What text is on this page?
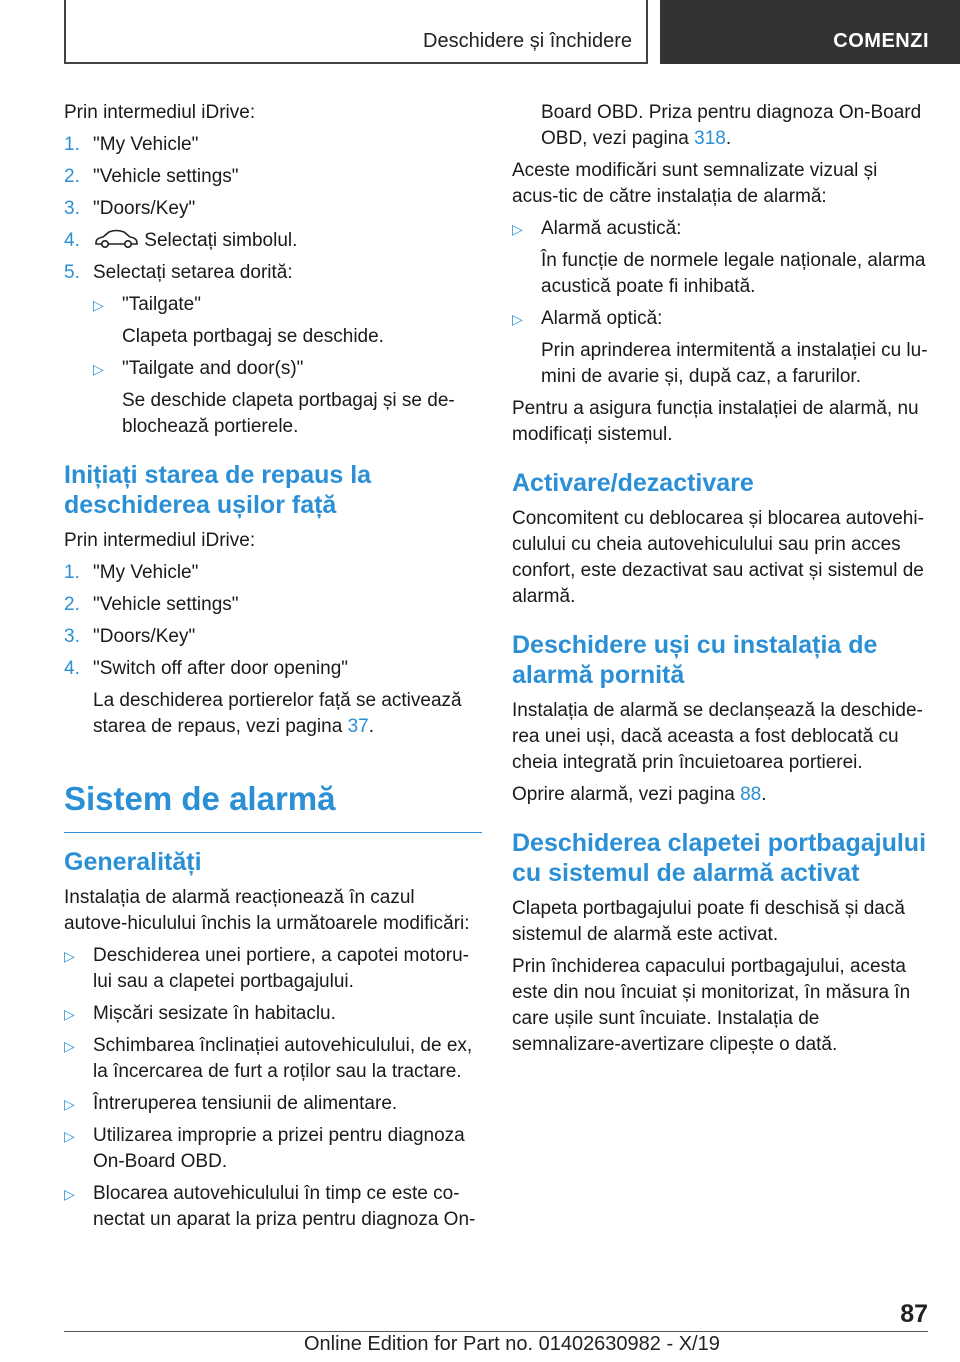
Deschidere și închidere	COMENZI

Prin intermediul iDrive:

1. "My Vehicle"
2. "Vehicle settings"
3. "Doors/Key"
4.	Selectați simbolul.
5. Selectați setarea dorită:
▷ "Tailgate"

Clapeta portbagaj se deschide.

▷ "Tailgate and door(s)"

Se deschide clapeta portbagaj și se de-blochează portierele.

Inițiați starea de repaus la deschiderea ușilor față

Prin intermediul iDrive:

1. "My Vehicle"
2. "Vehicle settings"
3. "Doors/Key"
4. "Switch off after door opening"

La deschiderea portierelor față se activează starea de repaus, vezi pagina 37.

Sistem de alarmă
Generalități

Instalația de alarmă reacționează în cazul autove-hiculului închis la următoarele modificări:

▷ Deschiderea unei portiere, a capotei motoru-lui sau a clapetei portbagajului.
▷ Mișcări sesizate în habitaclu.
▷ Schimbarea înclinației autovehiculului, de ex, la încercarea de furt a roților sau la tractare.
▷ Întreruperea tensiunii de alimentare.
▷ Utilizarea improprie a prizei pentru diagnoza On-Board OBD.
▷ Blocarea autovehiculului în timp ce este co-nectat un aparat la priza pentru diagnoza On-

Board OBD. Priza pentru diagnoza On-Board OBD, vezi pagina 318.

Aceste modificări sunt semnalizate vizual și acus-tic de către instalația de alarmă:

▷ Alarmă acustică:

În funcție de normele legale naționale, alarma acustică poate fi inhibată.

▷ Alarmă optică:

Prin aprinderea intermitentă a instalației cu lu-mini de avarie și, după caz, a farurilor.

Pentru a asigura funcția instalației de alarmă, nu modificați sistemul.

Activare/dezactivare

Concomitent cu deblocarea și blocarea autovehi-culului cu cheia autovehiculului sau prin acces confort, este dezactivat sau activat și sistemul de alarmă.

Deschidere uși cu instalația de alarmă pornită

Instalația de alarmă se declanșează la deschide-rea unei uși, dacă aceasta a fost deblocată cu cheia integrată prin încuietoarea portierei.

Oprire alarmă, vezi pagina 88.

Deschiderea clapetei portbagajului cu sistemul de alarmă activat

Clapeta portbagajului poate fi deschisă și dacă sistemul de alarmă este activat.

Prin închiderea capacului portbagajului, acesta este din nou încuiat și monitorizat, în măsura în care ușile sunt încuiate. Instalația de semnalizare-avertizare clipește o dată.

87
Online Edition for Part no. 01402630982 - X/19
